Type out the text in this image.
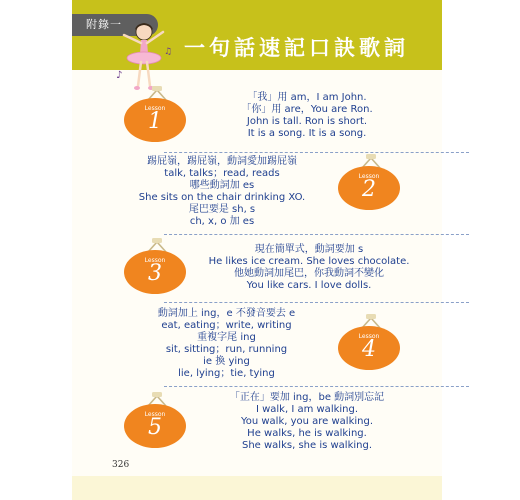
附錄一
一句話速記口訣歌詞
♪
♫
Lesson
1
「我」用 am，I am John.
「你」用 are，You are Ron.
John is tall. Ron is short.
It is a song. It is a song.
踢屁嶺，踢屁嶺，動詞愛加踢屁嶺
talk, talks；read, reads
哪些動詞加 es
She sits on the chair drinking XO.
尾巴要是 sh, s
ch, x, o 加 es
Lesson
2
Lesson
3
現在簡單式，動詞要加 s
He likes ice cream. She loves chocolate.
他她動詞加尾巴，你我動詞不變化
You like cars. I love dolls.
動詞加上 ing，e 不發音要去 e
eat, eating；write, writing
重複字尾 ing
sit, sitting；run, running
ie 換 ying
lie, lying；tie, tying
Lesson
4
Lesson
5
「正在」要加 ing，be 動詞別忘記
I walk, I am walking.
You walk, you are walking.
He walks, he is walking.
She walks, she is walking.
326
